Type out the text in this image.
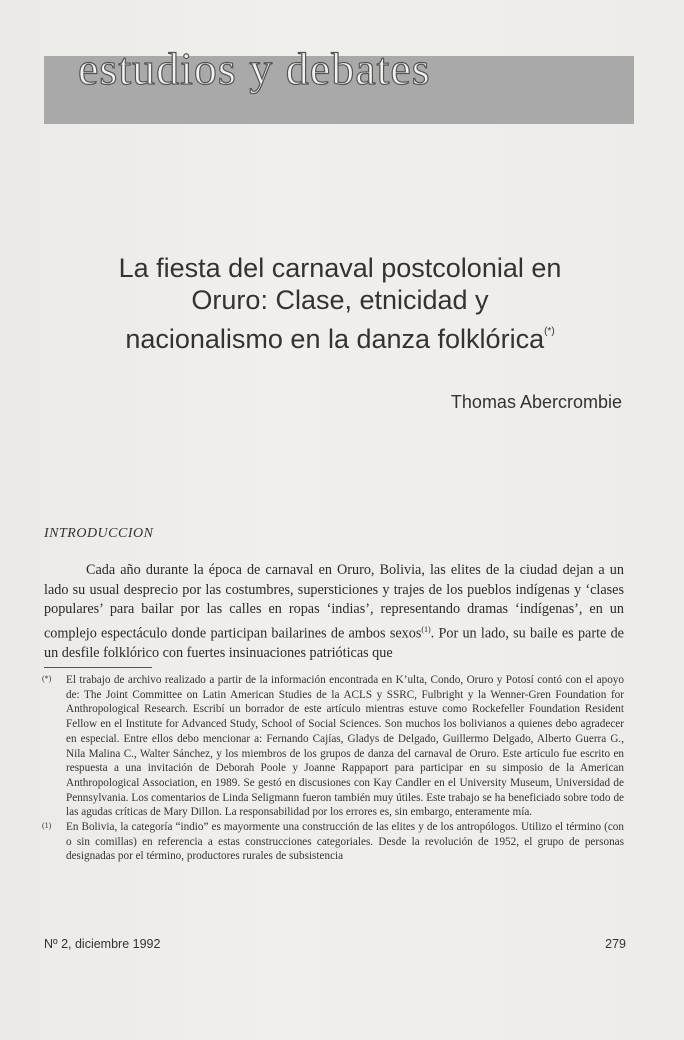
estudios y debates
La fiesta del carnaval postcolonial en
Oruro: Clase, etnicidad y
nacionalismo en la danza folklórica(*)
Thomas Abercrombie
INTRODUCCION

Cada año durante la época de carnaval en Oruro, Bolivia, las elites de la ciudad dejan a un lado su usual desprecio por las costumbres, supersticiones y trajes de los pueblos indígenas y ‘clases populares’ para bailar por las calles en ropas ‘indias’, representando dramas ‘indígenas’, en un complejo espectáculo donde participan bailarines de ambos sexos$^{(1)}$. Por un lado, su baile es parte de un desfile folklórico con fuertes insinuaciones patrióticas que

(*)	El trabajo de archivo realizado a partir de la información encontrada en K’ulta, Condo, Oruro y Potosí contó con el apoyo de: The Joint Committee on Latin American Studies de la ACLS y SSRC, Fulbright y la Wenner-Gren Foundation for Anthropological Research. Escribí un borrador de este artículo mientras estuve como Rockefeller Foundation Resident Fellow en el Institute for Advanced Study, School of Social Sciences. Son muchos los bolivianos a quienes debo agradecer en especial. Entre ellos debo mencionar a: Fernando Cajías, Gladys de Delgado, Guillermo Delgado, Alberto Guerra G., Nila Malina C., Walter Sánchez, y los miembros de los grupos de danza del carnaval de Oruro. Este artículo fue escrito en respuesta a una invitación de Deborah Poole y Joanne Rappaport para participar en su simposio de la American Anthropological Association, en 1989. Se gestó en discusiones con Kay Candler en el University Museum, Universidad de Pennsylvania. Los comentarios de Linda Seligmann fueron también muy útiles. Este trabajo se ha beneficiado sobre todo de las agudas críticas de Mary Dillon. La responsabilidad por los errores es, sin embargo, enteramente mía.
(1)	En Bolivia, la categoría “indio” es mayormente una construcción de las elites y de los antropólogos. Utilizo el término (con o sin comillas) en referencia a estas construcciones categoriales. Desde la revolución de 1952, el grupo de personas designadas por el término, productores rurales de subsistencia
Nº 2, diciembre 1992	279
